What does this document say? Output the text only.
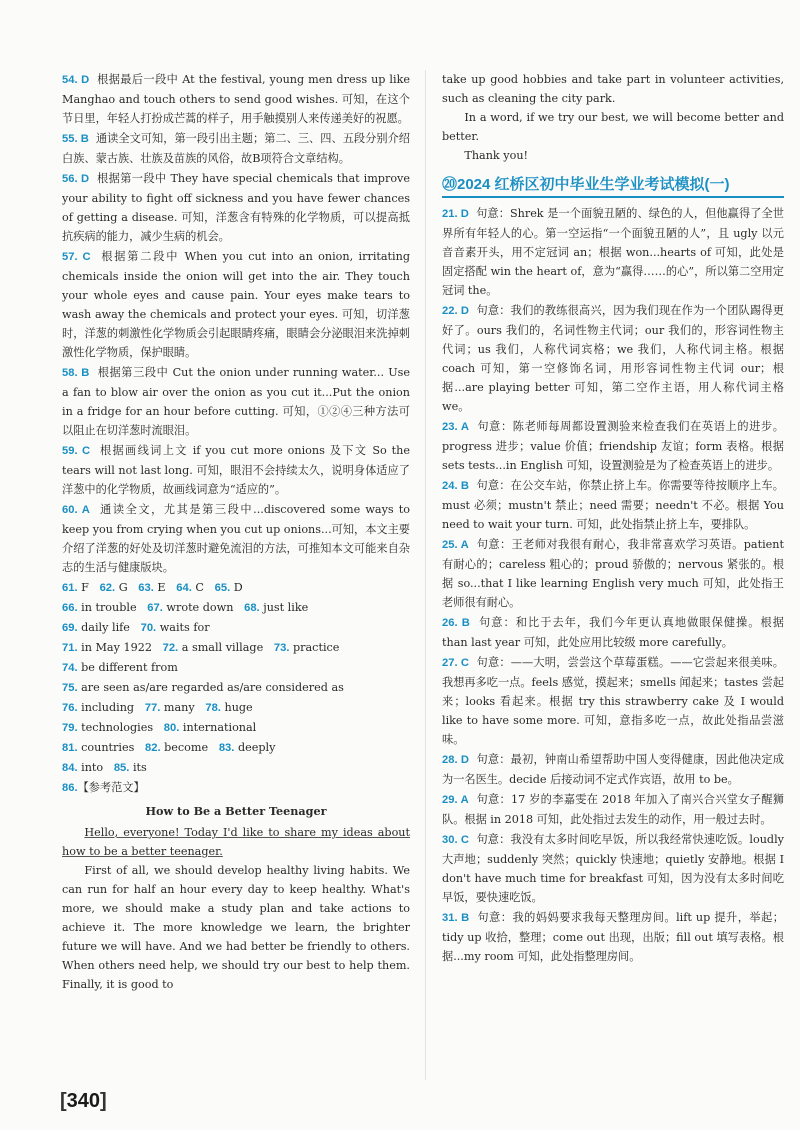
54. D 根据最后一段中 At the festival, young men dress up like Manghao and touch others to send good wishes. 可知，在这个节日里，年轻人打扮成芒蒿的样子，用手触摸别人来传递美好的祝愿。

55. B 通读全文可知，第一段引出主题；第二、三、四、五段分别介绍白族、蒙古族、壮族及苗族的风俗，故B项符合文章结构。

56. D 根据第一段中 They have special chemicals that improve your ability to fight off sickness and you have fewer chances of getting a disease. 可知，洋葱含有特殊的化学物质，可以提高抵抗疾病的能力，减少生病的机会。

57. C 根据第二段中 When you cut into an onion, irritating chemicals inside the onion will get into the air. They touch your whole eyes and cause pain. Your eyes make tears to wash away the chemicals and protect your eyes. 可知，切洋葱时，洋葱的刺激性化学物质会引起眼睛疼痛，眼睛会分泌眼泪来洗掉刺激性化学物质，保护眼睛。

58. B 根据第三段中 Cut the onion under running water... Use a fan to blow air over the onion as you cut it...Put the onion in a fridge for an hour before cutting. 可知，①②④三种方法可以阻止在切洋葱时流眼泪。

59. C 根据画线词上文 if you cut more onions 及下文 So the tears will not last long. 可知，眼泪不会持续太久，说明身体适应了洋葱中的化学物质，故画线词意为“适应的”。

60. A 通读全文，尤其是第三段中...discovered some ways to keep you from crying when you cut up onions...可知，本文主要介绍了洋葱的好处及切洋葱时避免流泪的方法，可推知本文可能来自杂志的生活与健康版块。

61. F 62. G 63. E 64. C 65. D

66. in trouble 67. wrote down 68. just like

69. daily life 70. waits for

71. in May 1922 72. a small village 73. practice

74. be different from

75. are seen as/are regarded as/are considered as

76. including 77. many 78. huge

79. technologies 80. international

81. countries 82. become 83. deeply

84. into 85. its

86.【参考范文】

How to Be a Better Teenager

Hello, everyone! Today I'd like to share my ideas about how to be a better teenager.

First of all, we should develop healthy living habits. We can run for half an hour every day to keep healthy. What's more, we should make a study plan and take actions to achieve it. The more knowledge we learn, the brighter future we will have. And we had better be friendly to others. When others need help, we should try our best to help them. Finally, it is good to

take up good hobbies and take part in volunteer activities, such as cleaning the city park.

In a word, if we try our best, we will become better and better.

Thank you!

⑳2024 红桥区初中毕业生学业考试模拟(一)

21. D 句意：Shrek 是一个面貌丑陋的、绿色的人，但他赢得了全世界所有年轻人的心。第一空运指“一个面貌丑陋的人”，且 ugly 以元音音素开头，用不定冠词 an；根据 won...hearts of 可知，此处是固定搭配 win the heart of，意为“赢得……的心”，所以第二空用定冠词 the。

22. D 句意：我们的教练很高兴，因为我们现在作为一个团队踢得更好了。ours 我们的，名词性物主代词；our 我们的，形容词性物主代词；us 我们，人称代词宾格；we 我们，人称代词主格。根据 coach 可知，第一空修饰名词，用形容词性物主代词 our；根据...are playing better 可知，第二空作主语，用人称代词主格 we。

23. A 句意：陈老师每周都设置测验来检查我们在英语上的进步。progress 进步；value 价值；friendship 友谊；form 表格。根据 sets tests...in English 可知，设置测验是为了检查英语上的进步。

24. B 句意：在公交车站，你禁止挤上车。你需要等待按顺序上车。must 必须；mustn't 禁止；need 需要；needn't 不必。根据 You need to wait your turn. 可知，此处指禁止挤上车，要排队。

25. A 句意：王老师对我很有耐心，我非常喜欢学习英语。patient 有耐心的；careless 粗心的；proud 骄傲的；nervous 紧张的。根据 so...that I like learning English very much 可知，此处指王老师很有耐心。

26. B 句意：和比于去年，我们今年更认真地做眼保健操。根据 than last year 可知，此处应用比较级 more carefully。

27. C 句意：——大明，尝尝这个草莓蛋糕。——它尝起来很美味。我想再多吃一点。feels 感觉，摸起来；smells 闻起来；tastes 尝起来；looks 看起来。根据 try this strawberry cake 及 I would like to have some more. 可知，意指多吃一点，故此处指品尝滋味。

28. D 句意：最初，钟南山希望帮助中国人变得健康，因此他决定成为一名医生。decide 后接动词不定式作宾语，故用 to be。

29. A 句意：17 岁的李嘉雯在 2018 年加入了南兴合兴堂女子醒狮队。根据 in 2018 可知，此处指过去发生的动作，用一般过去时。

30. C 句意：我没有太多时间吃早饭，所以我经常快速吃饭。loudly 大声地；suddenly 突然；quickly 快速地；quietly 安静地。根据 I don't have much time for breakfast 可知，因为没有太多时间吃早饭，要快速吃饭。

31. B 句意：我的妈妈要求我每天整理房间。lift up 提升，举起；tidy up 收拾，整理；come out 出现，出版；fill out 填写表格。根据...my room 可知，此处指整理房间。

[340]
